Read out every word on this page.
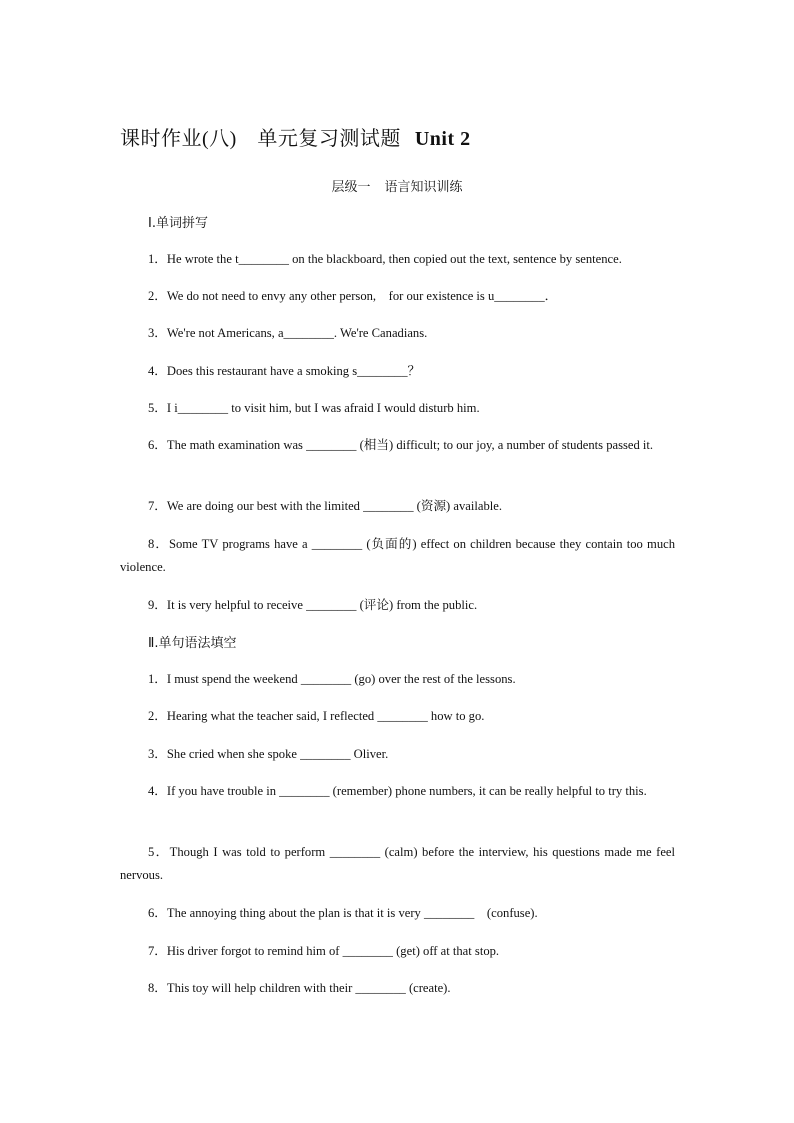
课时作业(八)　单元复习测试题 Unit 2
层级一 语言知识训练
Ⅰ.单词拼写
1．He wrote the t________ on the blackboard, then copied out the text, sentence by sentence.
2．We do not need to envy any other person,　for our existence is u________．
3．We're not Americans, a________. We're Canadians.
4．Does this restaurant have a smoking s________？
5．I i________ to visit him, but I was afraid I would disturb him.
6．The math examination was ________ (相当) difficult; to our joy, a number of students passed it.
7．We are doing our best with the limited ________ (资源) available.
8．Some TV programs have a ________ (负面的) effect on children because they contain too much violence.
9．It is very helpful to receive ________ (评论) from the public.
Ⅱ.单句语法填空
1．I must spend the weekend ________ (go) over the rest of the lessons.
2．Hearing what the teacher said, I reflected ________ how to go.
3．She cried when she spoke ________ Oliver.
4．If you have trouble in ________ (remember) phone numbers, it can be really helpful to try this.
5．Though I was told to perform ________ (calm) before the interview, his questions made me feel nervous.
6．The annoying thing about the plan is that it is very ________　(confuse).
7．His driver forgot to remind him of ________ (get) off at that stop.
8．This toy will help children with their ________ (create).
